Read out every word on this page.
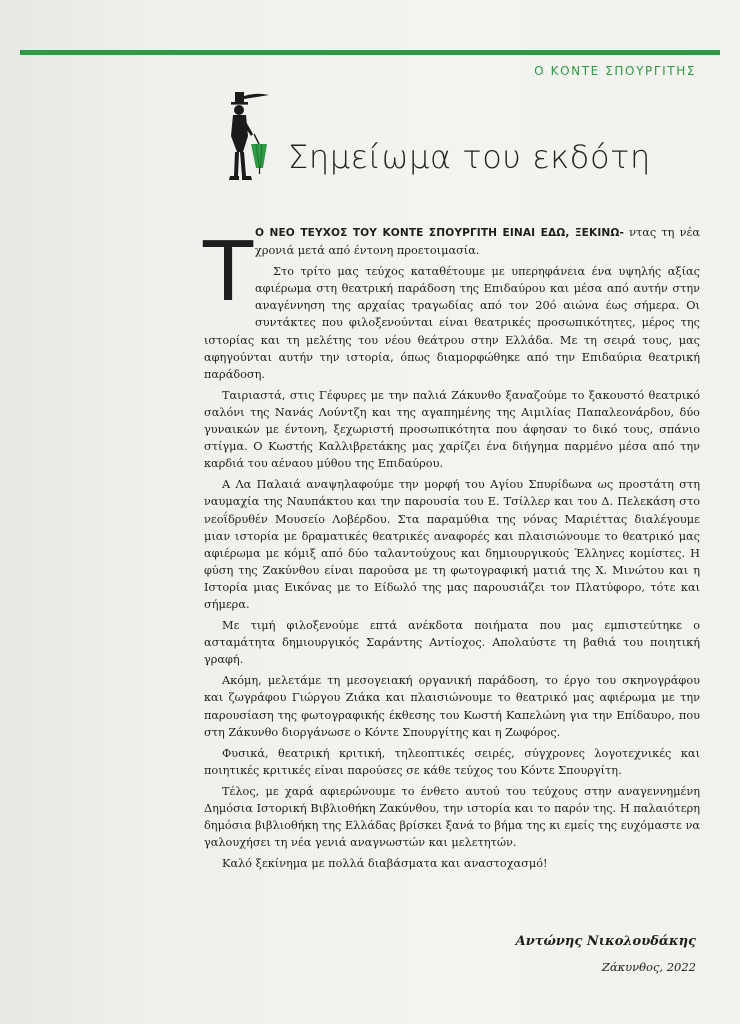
Ο ΚΟΝΤΕ ΣΠΟΥΡΓΙΤΗΣ
Σημείωμα του εκδότη
Τ Ο ΝΕΟ ΤΕΥΧΟΣ ΤΟΥ ΚΟΝΤΕ ΣΠΟΥΡΓΙΤΗ ΕΙΝΑΙ ΕΔΩ, ΞΕΚΙΝΩ- ντας τη νέα χρονιά μετά από έντονη προετοιμασία.

Στο τρίτο μας τεύχος καταθέτουμε με υπερηφάνεια ένα υψηλής αξίας αφιέρωμα στη θεατρική παράδοση της Επιδαύρου και μέσα από αυτήν στην αναγέννηση της αρχαίας τραγωδίας από τον 20ό αιώνα έως σήμερα. Οι συντάκτες που φιλοξενούνται είναι θεατρικές προσωπικότητες, μέρος της ιστορίας και τη μελέτης του νέου θεάτρου στην Ελλάδα. Με τη σειρά τους, μας αφηγούνται αυτήν την ιστορία, όπως διαμορφώθηκε από την Επιδαύρια θεατρική παράδοση.

Ταιριαστά, στις Γέφυρες με την παλιά Ζάκυνθο ξαναζούμε το ξακουστό θεατρικό σαλόνι της Νανάς Λούντζη και της αγαπημένης της Αιμιλίας Παπαλεονάρδου, δύο γυναικών με έντονη, ξεχωριστή προσωπικότητα που άφησαν το δικό τους, σπάνιο στίγμα. Ο Κωστής Καλλιβρετάκης μας χαρίζει ένα διήγημα παρμένο μέσα από την καρδιά του αέναου μύθου της Επιδαύρου.

Α Λα Παλαιά αναψηλαφούμε την μορφή του Αγίου Σπυρίδωνα ως προστάτη στη ναυμαχία της Ναυπάκτου και την παρουσία του Ε. Τσίλλερ και του Δ. Πελεκάση στο νεοΐδρυθέν Μουσείο Λοβέρδου. Στα παραμύθια της νόνας Μαριέττας διαλέγουμε μιαν ιστορία με δραματικές θεατρικές αναφορές και πλαισιώνουμε το θεατρικό μας αφιέρωμα με κόμιξ από δύο ταλαντούχους και δημιουργικούς Έλληνες κομίστες. Η φύση της Ζακύνθου είναι παρούσα με τη φωτογραφική ματιά της Χ. Μινώτου και η Ιστορία μιας Εικόνας με το Είδωλό της μας παρουσιάζει τον Πλατύφορο, τότε και σήμερα.

Με τιμή φιλοξενούμε επτά ανέκδοτα ποιήματα που μας εμπιστεύτηκε ο ασταμάτητα δημιουργικός Σαράντης Αντίοχος. Απολαύστε τη βαθιά του ποιητική γραφή.

Ακόμη, μελετάμε τη μεσογειακή οργανική παράδοση, το έργο του σκηνογράφου και ζωγράφου Γιώργου Ζιάκα και πλαισιώνουμε το θεατρικό μας αφιέρωμα με την παρουσίαση της φωτογραφικής έκθεσης του Κωστή Καπελώνη για την Επίδαυρο, που στη Ζάκυνθο διοργάνωσε ο Κόντε Σπουργίτης και η Ζωφόρος.

Φυσικά, θεατρική κριτική, τηλεοπτικές σειρές, σύγχρονες λογοτεχνικές και ποιητικές κριτικές είναι παρούσες σε κάθε τεύχος του Κόντε Σπουργίτη.

Τέλος, με χαρά αφιερώνουμε το ένθετο αυτού του τεύχους στην αναγεννημένη Δημόσια Ιστορική Βιβλιοθήκη Ζακύνθου, την ιστορία και το παρόν της. Η παλαιότερη δημόσια βιβλιοθήκη της Ελλάδας βρίσκει ξανά το βήμα της κι εμείς της ευχόμαστε να γαλουχήσει τη νέα γενιά αναγνωστών και μελετητών.

Καλό ξεκίνημα με πολλά διαβάσματα και αναστοχασμό!

Αντώνης Νικολουδάκης
Ζάκυνθος, 2022
